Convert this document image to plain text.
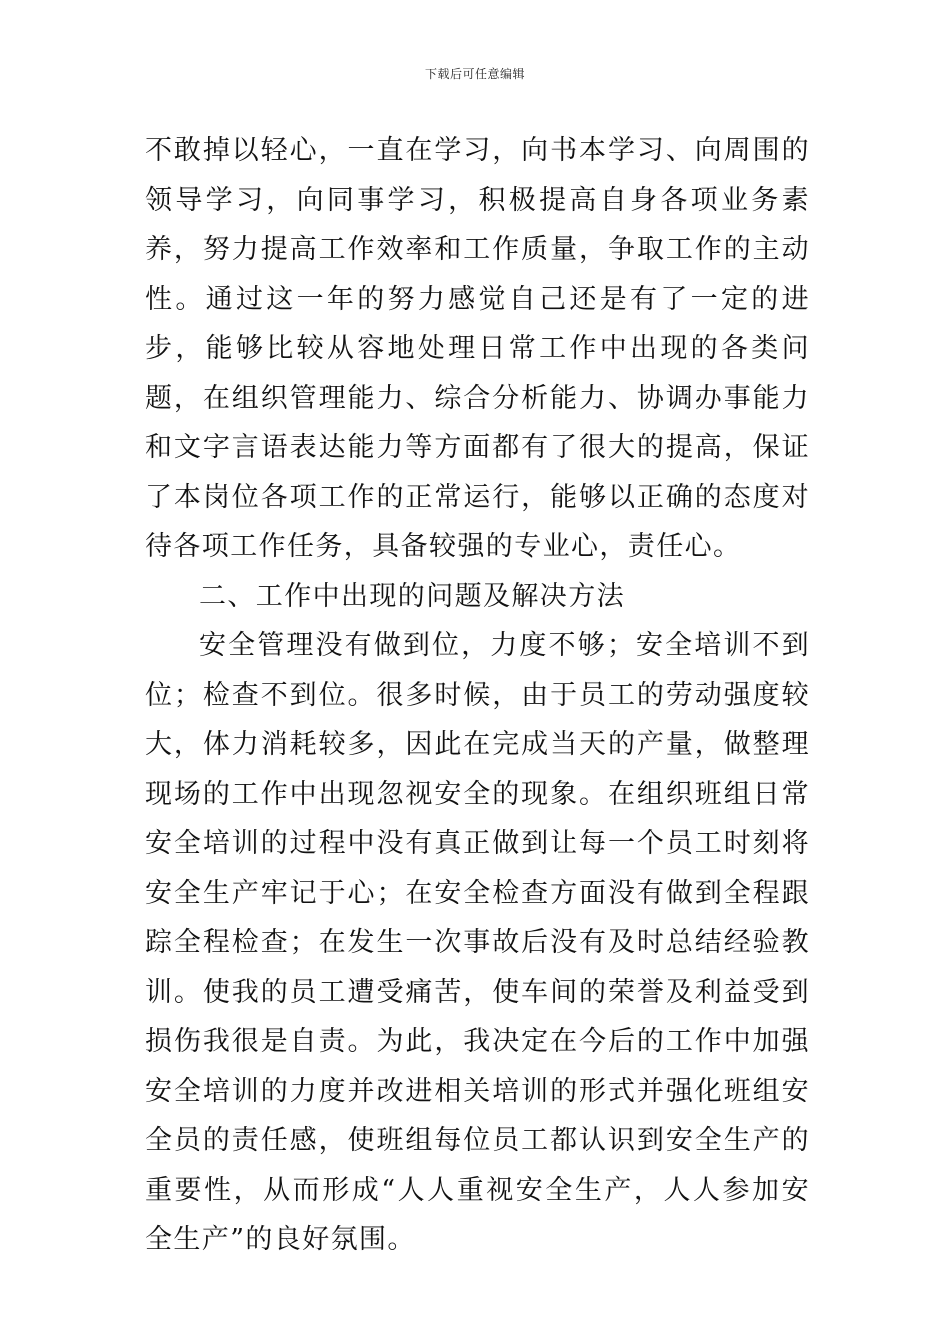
下载后可任意编辑

不敢掉以轻心，一直在学习，向书本学习、向周围的领导学习，向同事学习，积极提高自身各项业务素养，努力提高工作效率和工作质量，争取工作的主动性。通过这一年的努力感觉自己还是有了一定的进步，能够比较从容地处理日常工作中出现的各类问题，在组织管理能力、综合分析能力、协调办事能力和文字言语表达能力等方面都有了很大的提高，保证了本岗位各项工作的正常运行，能够以正确的态度对待各项工作任务，具备较强的专业心，责任心。

二、工作中出现的问题及解决方法

安全管理没有做到位，力度不够；安全培训不到位；检查不到位。很多时候，由于员工的劳动强度较大，体力消耗较多，因此在完成当天的产量，做整理现场的工作中出现忽视安全的现象。在组织班组日常安全培训的过程中没有真正做到让每一个员工时刻将安全生产牢记于心；在安全检查方面没有做到全程跟踪全程检查；在发生一次事故后没有及时总结经验教训。使我的员工遭受痛苦，使车间的荣誉及利益受到损伤我很是自责。为此，我决定在今后的工作中加强安全培训的力度并改进相关培训的形式并强化班组安全员的责任感，使班组每位员工都认识到安全生产的重要性，从而形成“人人重视安全生产，人人参加安全生产”的良好氛围。
